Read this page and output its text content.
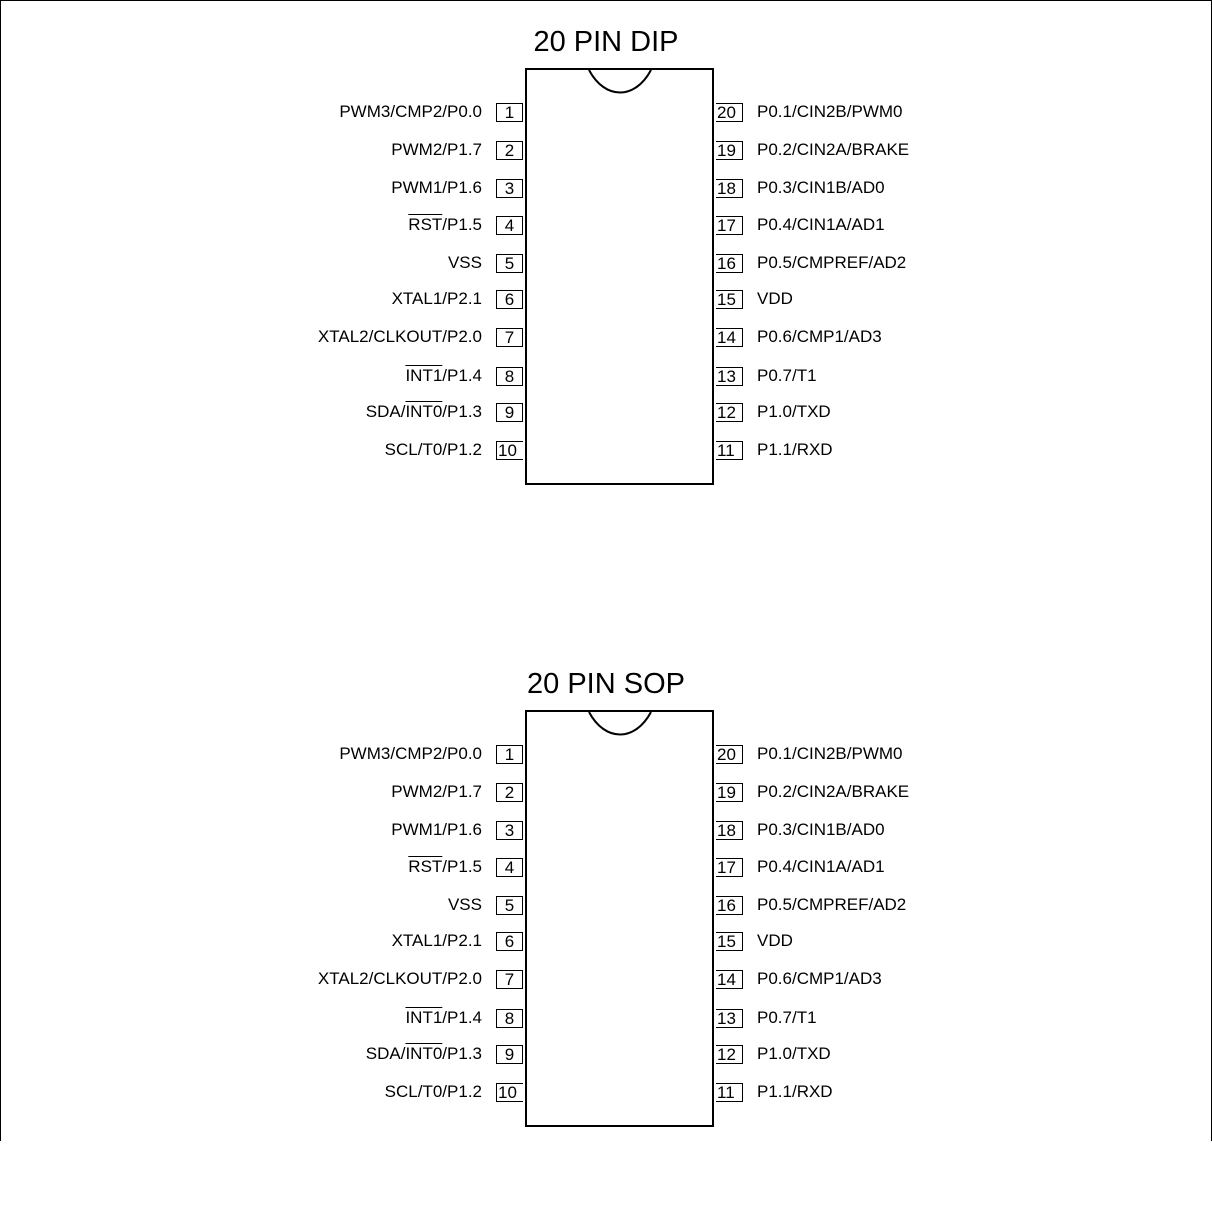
20 PIN DIP
PWM3/CMP2/P0.0	1
PWM2/P1.7	2
PWM1/P1.6	3
$\overline{RST}/P1.5$	4
VSS	5
XTAL1/P2.1	6
XTAL2/CLKOUT/P2.0	7
INT1/P1.4	8
SDA/INT0/P1.3	9
SCL/T0/P1.2 10
20	P0.1/CIN2B/PWM0
19	P0.2/CIN2A/BRAKE
18	P0.3/CIN1B/AD0
17	P0.4/CIN1A/AD1
16	P0.5/CMPREF/AD2
15	VDD
14	P0.6/CMP1/AD3
13	P0.7/T1
12	P1.0/TXD
11	P1.1/RXD
20 PIN SOP
PWM3/CMP2/P0.0	1
PWM2/P1.7	2
PWM1/P1.6	3
$\overline{RST}/P1.5$	4
VSS	5
XTAL1/P2.1	6
XTAL2/CLKOUT/P2.0	7
INT1/P1.4	8
SDA/INT0/P1.3	9
SCL/T0/P1.2 10
20	P0.1/CIN2B/PWM0
19	P0.2/CIN2A/BRAKE
18	P0.3/CIN1B/AD0
17	P0.4/CIN1A/AD1
16	P0.5/CMPREF/AD2
15	VDD
14	P0.6/CMP1/AD3
13	P0.7/T1
12	P1.0/TXD
11	P1.1/RXD
